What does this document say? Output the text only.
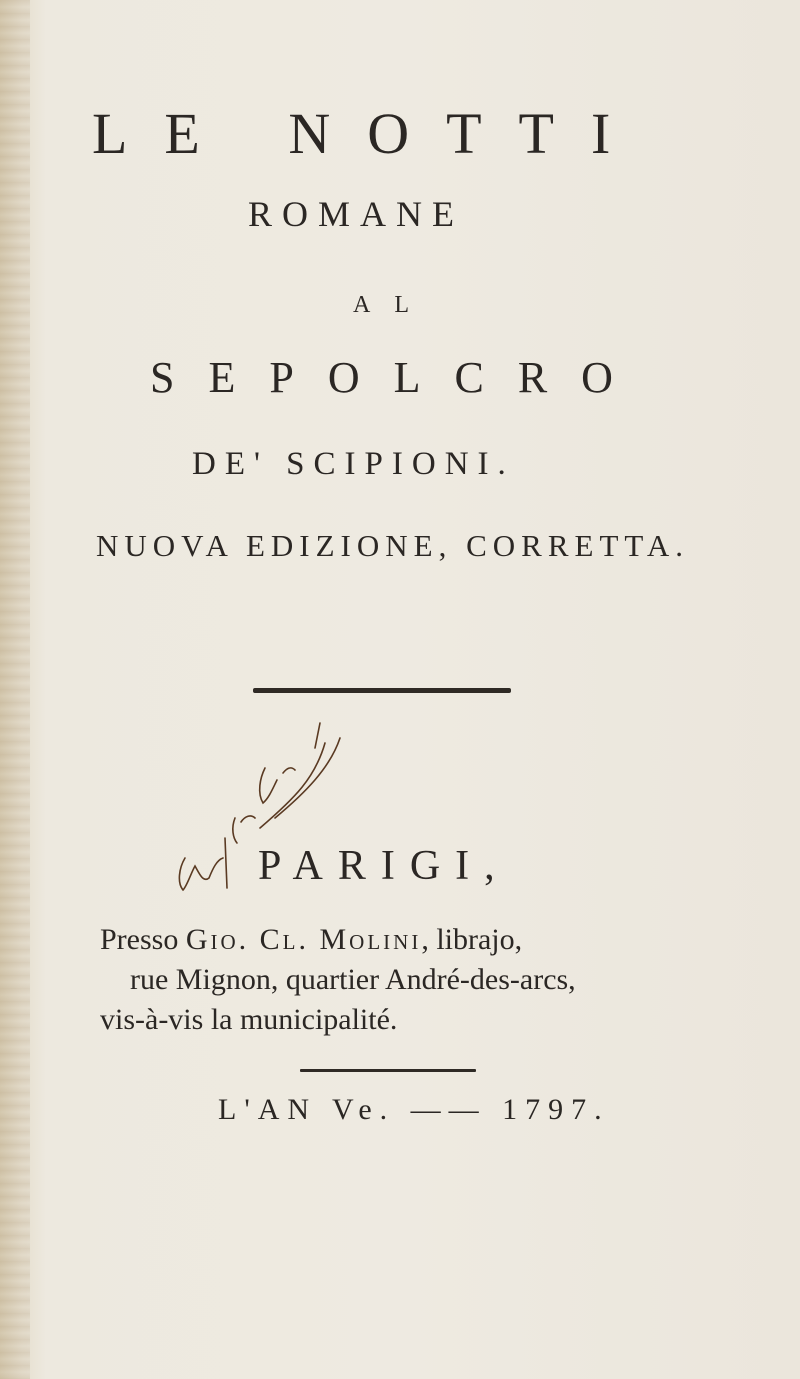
LE NOTTI
ROMANE
AL
SEPOLCRO
DE' SCIPIONI.
NUOVA EDIZIONE, CORRETTA.
PARIGI,
Presso Gio. Cl. Molini, librajo,
rue Mignon, quartier André-des-arcs,
vis-à-vis la municipalité.
L'AN Ve. —— 1797.
